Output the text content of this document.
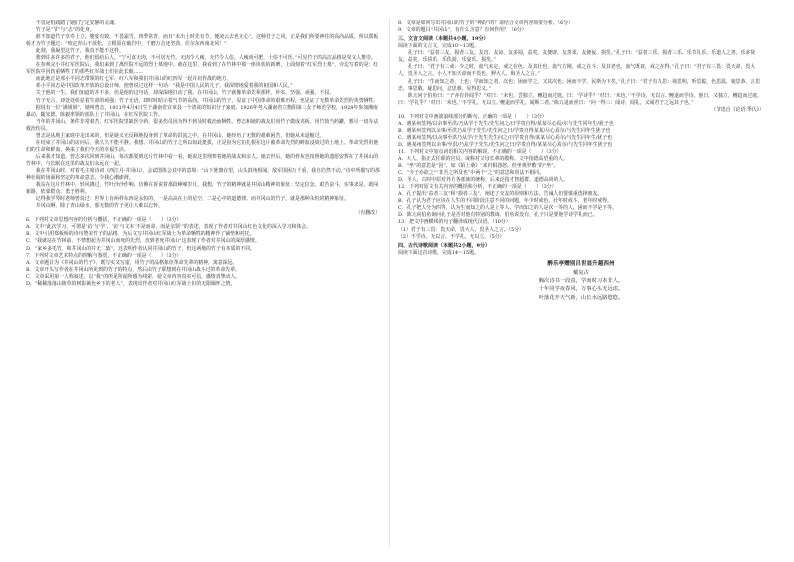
不畏是怕践踏了她们宁定安静的灵魂。

竹子是“节”与“志”的化身。

谁不知道竹子享寿上立，婆娑有致，不畏霜雪，四季常青，而且“未出土时先有节，便凌云去也无心”。这种君子之风，正是我们所要神往的高尚品质。所以郑板桥才为竹子题过：“咬定青山不放松，立根原在破岩中。千磨万击还坚劲，任尔东西南北风！”

此刻，我凝望这竹子，我真不能不这样。

想到许多许多的君子，他们留给后人。“宁可食无肉，不可居无竹。无肉令人瘦，无竹令人俗。人瘦尚可肥，士俗不可医。”可见竹子的高洁品格是受文人推崇。

在参观完小井红军医院后，我们来到了离医院不远的烈士墓地中。就在这里，我看到了在竹林中那一座块状的新碑，上面刻着“红军烈士墓”，旁边写着的是：红军医院中因伤重牺牲了的那些红军战士们在此长眠……

而此地正是邓小平同志带领的红七军、红八军和我们井冈山的红四军一起并肩作战的地方。

邓小平同志是中国改革开放的总设计师，他曾说过这样一句话：“我是中国人民的儿子，我深情地爱着我的祖国和人民。”

关于他的一生，我们知道的并不多，但是他的这句话，却深深地打动了我。在井冈山，竹子就像革命先辈那样，朴实、坚强、顽强、不屈。

竹子无言，却处处彰显着生命的顽强；竹子无语，却时时昭示着气节的高尚。井冈山的竹子，见证了中国革命的艰难历程，也见证了无数革命先烈的英勇牺牲。

据说有一位“满姐姐”，她叫曾志，1911年4月4日生于湖南省宜章县一个清贫的知识分子家庭。1926年考入湖南省立衡阳第三女子师范学校，1928年参加湘南暴动，随朱德、陈毅率领的部队上了井冈山，在红军医院工作。

当年的井冈山，条件非常艰苦，红军医院里缺医少药，很多伤员因为得不到及时救治而牺牲。曾志和她的战友们用竹子做成夹板、用竹筒当药罐，想尽一切办法救治伤员。

曾志是从地主家庭中走出来的，但是她义无反顾地投身到了革命的洪流之中。在井冈山，她经历了无数的艰难困苦，但她从未退缩过。

在结束了井冈山的访问后，我久久不能平静。我想，井冈山的竹子之所以如此挺拔，正是因为它们扎根在这片被革命先烈的鲜血浸染过的土地上。革命先烈用他们的生命和鲜血，换来了我们今天的幸福生活。

后来我才知道，曾志多次回到井冈山，每次都要到这片竹林中看一看，她说这里埋葬着她的战友和亲人。她去世后，她的骨灰也按照她的遗愿安葬在了井冈山的竹林中，与长眠在这里的战友们永远在一起。

我在井冈山时，对着毛主席诗词《西江月·井冈山》，会试图体会其中的意境：“山下旌旗在望，山头鼓角相闻。敌军围困万千重，我自岿然不动。”诗中所描写的那种壮阔的场面和坚定的革命意志，令我心潮澎湃。

我站在这片竹林中，轻风拂过，竹叶沙沙作响，仿佛在诉说着那段峥嵘岁月。我想，竹子的精神就是井冈山精神的象征：坚定信念、艰苦奋斗，实事求是、敢闯新路，依靠群众、勇于胜利。

记得我学琴时老师曾说过：世界上有两样东西是永恒的，一是高高在上的星空，二是心中的道德律。而井冈山的竹子，就是那种永恒的精神象征。

井冈山啊，除了青山绿水，那无数的竹子更让人难以忘怀。

（有删改）

6．下列对文章思想内容的分析与概括，不正确的一项是（　　）（3分）

A．文中“此次学习，可谓是‘访’与‘学’，‘访’与文本‘不是而命，而是亲领’”的表述，表现了作者对井冈山红色文化的深入学习和体会。

B．文中引用郑板桥的诗句赞美竹子的品格，为后文写井冈山红军战士为革命牺牲的精神作了铺垫和衬托。

C．“我就站在竹林前，不禁想起为井冈山而死的先烈，直到老死井冈山”这表现了作者对井冈山的深厚感情。

D．“家乡多毛竹，和井冈山的并无二致”，这表明作者认同井冈山的竹子，但这两地的竹子有本质的不同。

7．下列对文章艺术特点的理解与鉴赏，不正确的一项是（　　）（3分）

A．文章题目为《井冈山的竹子》，既写实又写虚，用竹子的品格象征革命先辈的精神，寓意深远。

B．文章开头写作者在井冈山所见到的竹子的特点，然后由竹子联想到在井冈山战斗过的革命先辈。

C．文章采用第一人称叙述，以“我”的所见所闻所感为线索，使文章内容真实可信，感情真挚动人。

D．“稀稀落落山陵草的树影篱色乡下的老人”，表现出作者对井冈山红军战士们的无限缅怀之情。

8．文章是如何写出井冈山的竹子的“神韵”的？请结合文章内容简要分析。（6分）

9．文章的题目“井冈山”，有什么含意？有何作用？（6分）

三、文言文阅读（本题共4小题，19分）

阅读下面的文言文，完成10～13题。

孔子曰：“益者三友，损者三友。友直，友谅，友多闻，益矣。友便辟，友善柔，友便佞，损矣。”孔子曰：“益者三乐，损者三乐。乐节礼乐，乐道人之善，乐多贤友，益矣。乐骄乐，乐佚游，乐宴乐，损矣。”

孔子曰：“君子有三戒：少之时，血气未定，戒之在色；及其壮也，血气方刚，戒之在斗；及其老也，血气既衰，戒之在得。”孔子曰：“君子有三畏：畏天命，畏大人，畏圣人之言。小人不知天命而不畏也，狎大人，侮圣人之言。”

孔子曰：“生而知之者，上也；学而知之者，次也；困而学之，又其次也；困而不学，民斯为下矣。”孔子曰：“君子有九思：视思明，听思聪，色思温，貌思恭，言思忠，事思敬，疑思问，忿思难，见得思义。”

陈亢问于伯鱼曰：“子亦有异闻乎？”对曰：“未也。尝独立，鲤趋而过庭。曰：‘学诗乎？’对曰：‘未也。’‘不学诗，无以言。’鲤退而学诗。他日，又独立，鲤趋而过庭。曰：‘学礼乎？’对曰：‘未也。’‘不学礼，无以立。’鲤退而学礼。闻斯二者。”陈亢退而喜曰：“问一得三：闻诗，闻礼，又闻君子之远其子也。”

（节选自《论语·季氏》）

10．下列对文中画波浪线部分的断句，正确的一项是（　　）（3分）

A．遇某州签判/以余事至洪/乃从学于先生/先生问之/曰学贵自得/某某尽心焉/尔与先生同年生/犹子也

B．遇某州签判以余事/至洪乃从学于先生/先生问之曰/学贵自得某某/尽心焉尔/与先生同年生犹子也

C．遇某州签判/以余事至洪乃从学/于先生先生问之/曰学贵自得/某某尽心焉尔/与先生同年生/犹子也

D．遇某州签判以余事/至洪/乃从学于先生/先生问之曰/学贵自得/某某尽心焉尔/与先生同年生犹子也

11．下列对文中加点词语相关内容的解说，不正确的一项是（　　）（3分）

A．大人，指正式任职的官员，或称对父母长辈的敬称。文中指德高望重的人。

B．“坐”的意思是“因”，如《陌上桑》“来归相怨怒，但坐观罗敷”的“坐”。

C．“今子亦欲之”“非吾之所及也”中两个“之”的意思和用法不相同。

D．圣人，古时中原对外方各部族的统称，后来泛指才智超群、道德高尚的人。

12．下列对原文有关内容的概括和分析，不正确的一项是（　　）（3分）

A．孔子提出“益者三友”和“损者三友”，阐述了交友的原则和方法，告诫人们要慎重选择朋友。

B．孔子认为君子应该在人生的不同阶段注意不同的问题，年少时戒色，壮年时戒斗，老年时戒得。

C．孔子把人分为四等，认为生而知之的人是上等人，学而知之的人是次一等的人，困而不学是下等。

D．陈亢向伯鱼询问孔子是否对他有特别的教诲，伯鱼说没有，孔子只是要他学诗学礼而已。

13．把文中画横线的句子翻译成现代汉语。（10分）

（1）君子有三畏：畏天命，畏大人，畏圣人之言。（5分）

（2）不学诗，无以言。不学礼，无以立。（5分）

四、古代诗歌阅读（本题共2小题，9分）

阅读下面这首诗歌，完成14～15题。

醉乐亭赠别吕世显升越西州

戴复古

胸次诗书一段真，学而时习本非人。

十年同学夜春风，万事心头无远虑。

叶落花开天气新，山长水远路悠悠。
